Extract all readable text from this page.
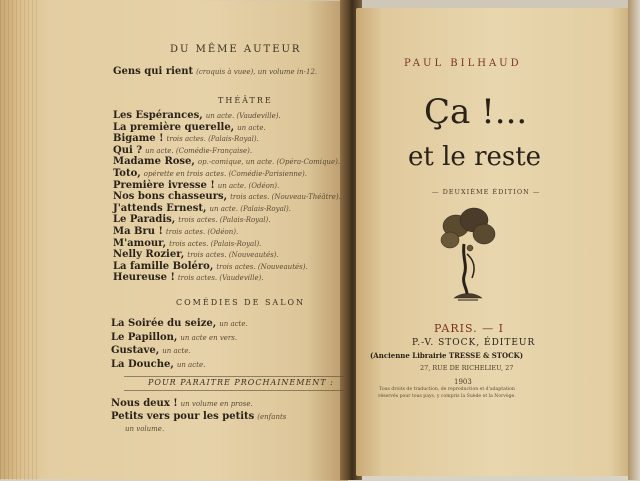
DU MÊME AUTEUR
Gens qui rient (croquis à vuee), un volume in-12.
THÉÂTRE
Les Espérances, un acte. (Vaudeville).
La première querelle, un acte.
Bigame ! trois actes. (Palais-Royal).
Qui ? un acte. (Comédie-Française).
Madame Rose, op.-comique, un acte. (Opéra-Comique).
Toto, opérette en trois actes. (Comédie-Parisienne).
Première ivresse ! un acte. (Odéon).
Nos bons chasseurs, trois actes. (Nouveau-Théâtre).
J'attends Ernest, un acte. (Palais-Royal).
Le Paradis, trois actes. (Palais-Royal).
Ma Bru ! trois actes. (Odéon).
M'amour, trois actes. (Palais-Royal).
Nelly Rozier, trois actes. (Nouveautés).
La famille Boléro, trois actes. (Nouveautés).
Heureuse ! trois actes. (Vaudeville).
COMÉDIES DE SALON
La Soirée du seize, un acte.
Le Papillon, un acte en vers.
Gustave, un acte.
La Douche, un acte.
POUR PARAITRE PROCHAINEMENT :
Nous deux ! un volume en prose.
Petits vers pour les petits (enfants
un volume.
PAUL BILHAUD
Ça !...
et le reste
— DEUXIÈME ÉDITION —
PARIS. — I
P.-V. STOCK, ÉDITEUR
(Ancienne Librairie TRESSE & STOCK)
27, RUE DE RICHELIEU, 27
1903
Tous droits de traduction, de reproduction et d'adaptation réservés pour tous pays, y compris la Suède et la Norvège.
